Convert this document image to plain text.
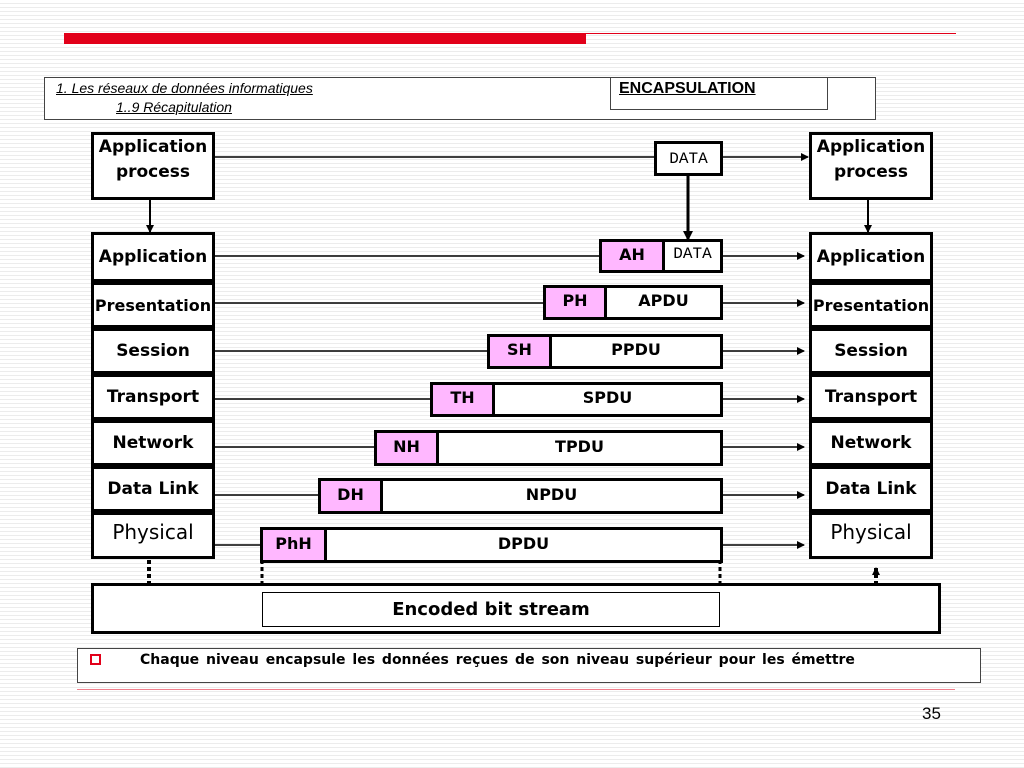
1. Les réseaux de données informatiques
1..9 Récapitulation
ENCAPSULATION
Application process
Application process
DATA
Application
Presentation
Session
Transport
Network
Data Link
Physical
Application
Presentation
Session
Transport
Network
Data Link
Physical
AH	DATA
PH	APDU
SH	PPDU
TH	SPDU
NH	TPDU
DH	NPDU
PhH	DPDU
Encoded bit stream
Chaque niveau encapsule les données reçues de son niveau supérieur pour les émettre
35
